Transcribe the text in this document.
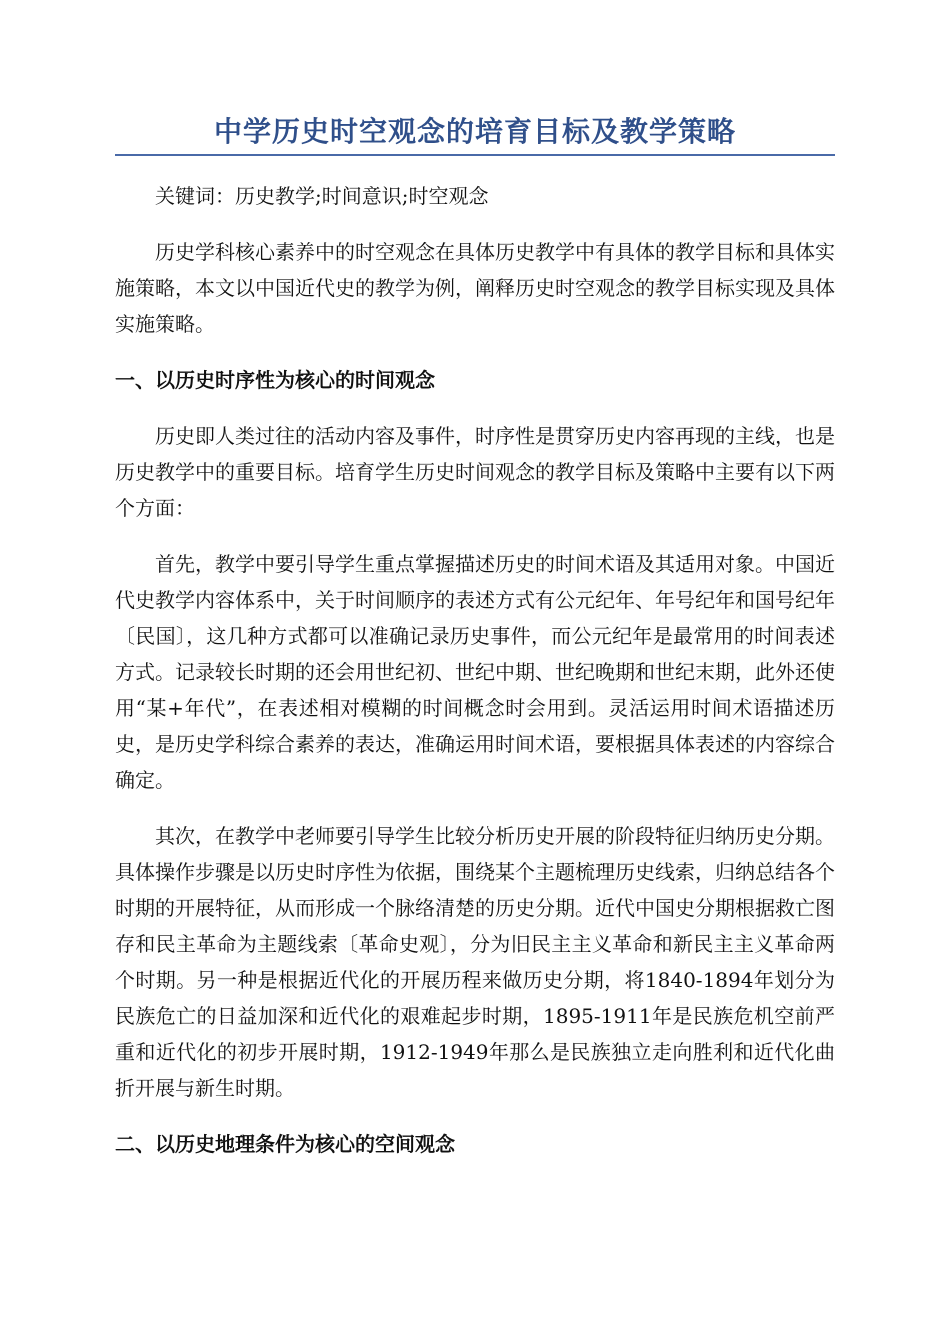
中学历史时空观念的培育目标及教学策略
关键词：历史教学;时间意识;时空观念

历史学科核心素养中的时空观念在具体历史教学中有具体的教学目标和具体实施策略，本文以中国近代史的教学为例，阐释历史时空观念的教学目标实现及具体实施策略。

一、以历史时序性为核心的时间观念

历史即人类过往的活动内容及事件，时序性是贯穿历史内容再现的主线，也是历史教学中的重要目标。培育学生历史时间观念的教学目标及策略中主要有以下两个方面：

首先，教学中要引导学生重点掌握描述历史的时间术语及其适用对象。中国近代史教学内容体系中，关于时间顺序的表述方式有公元纪年、年号纪年和国号纪年〔民国〕，这几种方式都可以准确记录历史事件，而公元纪年是最常用的时间表述方式。记录较长时期的还会用世纪初、世纪中期、世纪晚期和世纪末期，此外还使用“某+年代”，在表述相对模糊的时间概念时会用到。灵活运用时间术语描述历史，是历史学科综合素养的表达，准确运用时间术语，要根据具体表述的内容综合确定。

其次，在教学中老师要引导学生比较分析历史开展的阶段特征归纳历史分期。具体操作步骤是以历史时序性为依据，围绕某个主题梳理历史线索，归纳总结各个时期的开展特征，从而形成一个脉络清楚的历史分期。近代中国史分期根据救亡图存和民主革命为主题线索〔革命史观〕，分为旧民主主义革命和新民主主义革命两个时期。另一种是根据近代化的开展历程来做历史分期，将1840-1894年划分为民族危亡的日益加深和近代化的艰难起步时期，1895-1911年是民族危机空前严重和近代化的初步开展时期，1912-1949年那么是民族独立走向胜利和近代化曲折开展与新生时期。

二、以历史地理条件为核心的空间观念
